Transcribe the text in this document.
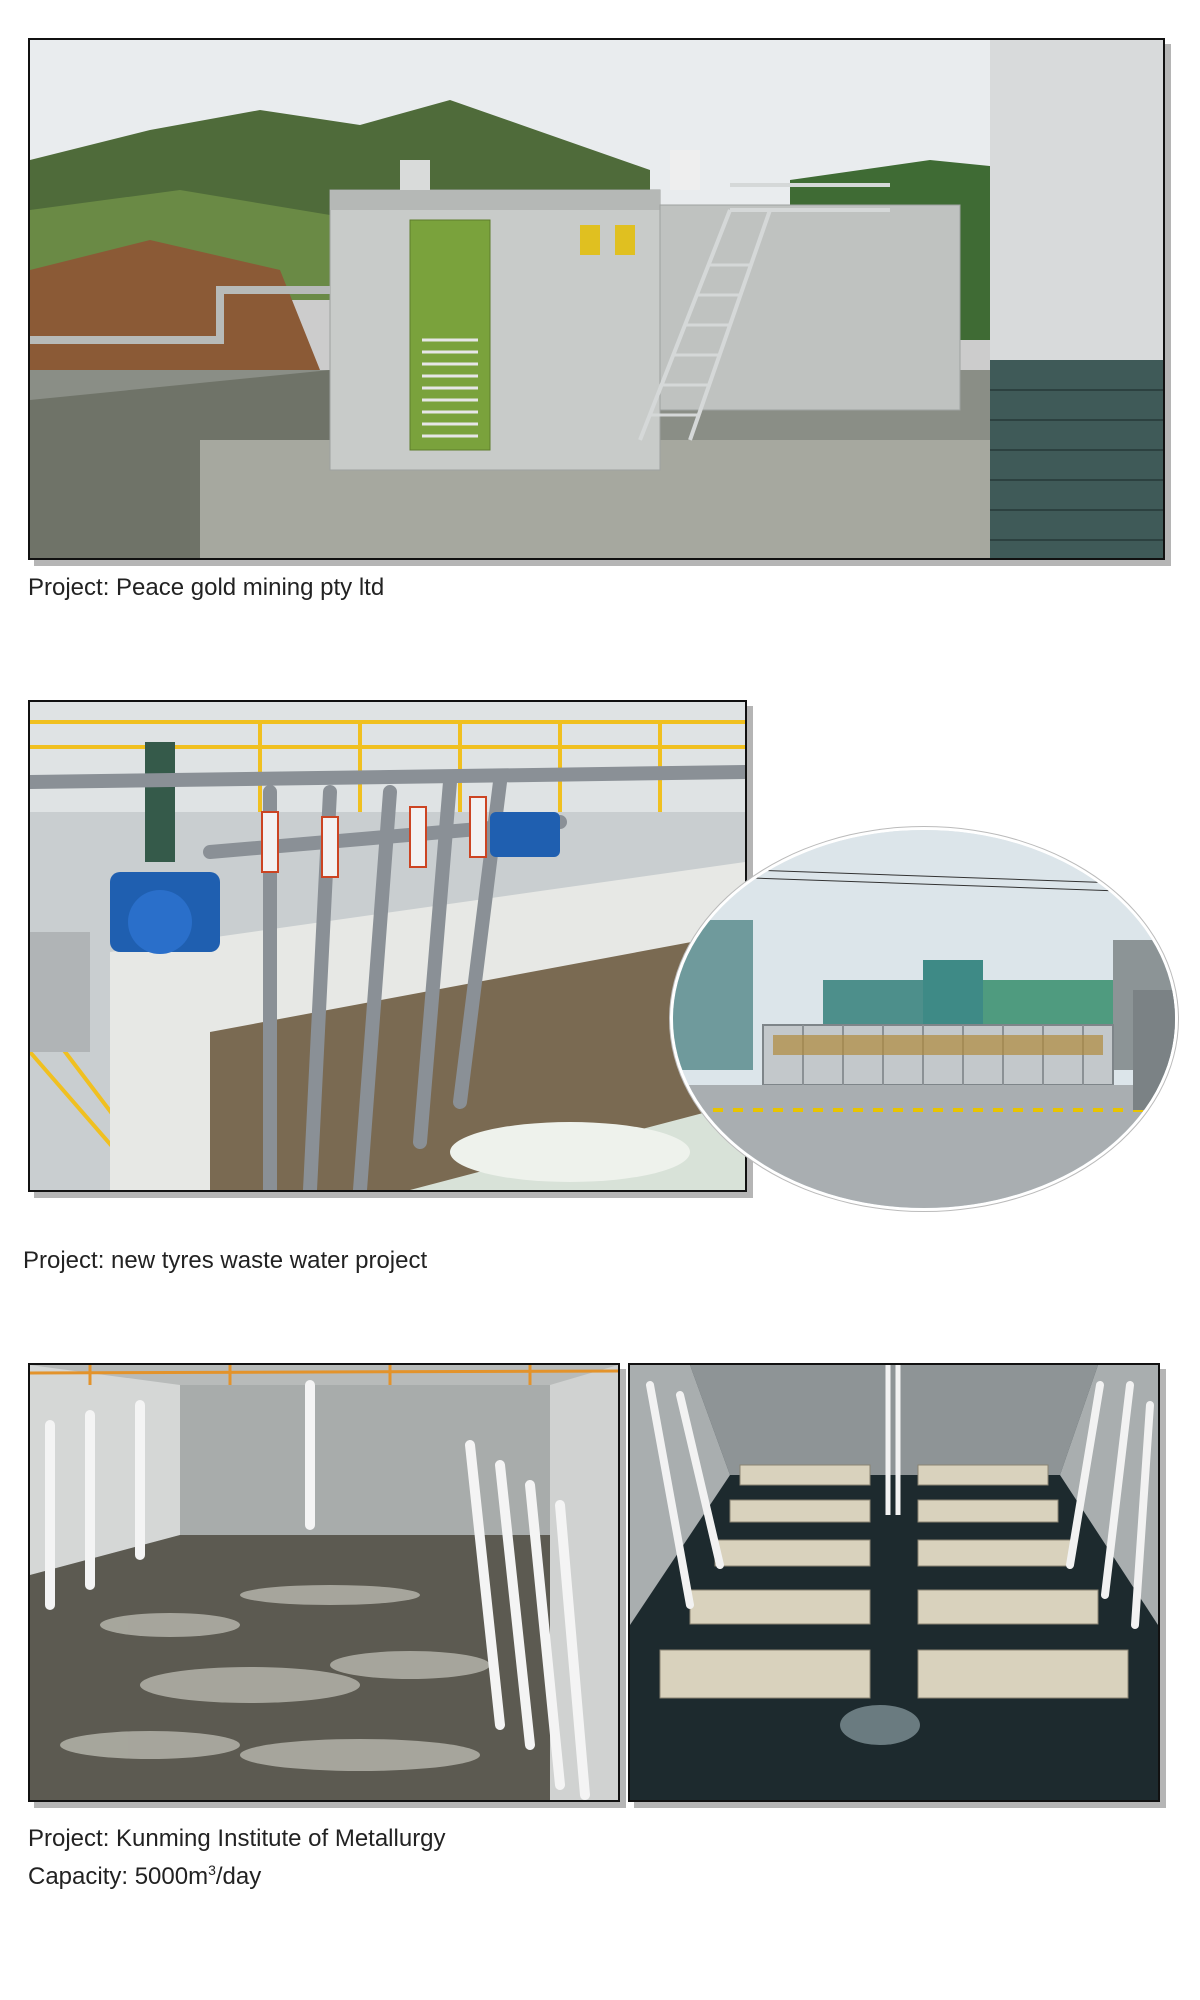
Project: Peace gold mining pty ltd
Project: new tyres waste water project
Project: Kunming Institute of Metallurgy
Capacity: $5000m^3$/day
